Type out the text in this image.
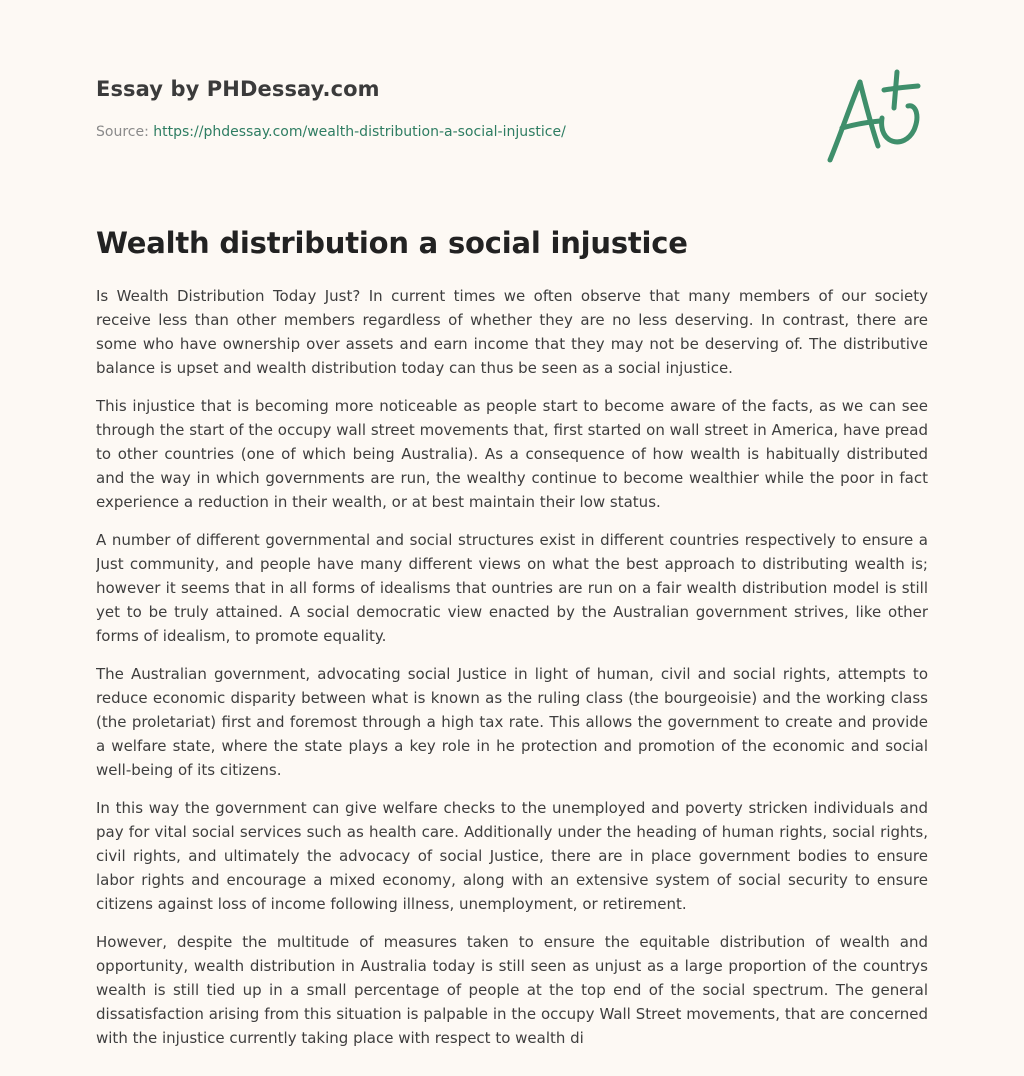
Essay by PHDessay.com

Source: https://phdessay.com/wealth-distribution-a-social-injustice/

Wealth distribution a social injustice

Is Wealth Distribution Today Just? In current times we often observe that many members of our society receive less than other members regardless of whether they are no less deserving. In contrast, there are some who have ownership over assets and earn income that they may not be deserving of. The distributive balance is upset and wealth distribution today can thus be seen as a social injustice.

This injustice that is becoming more noticeable as people start to become aware of the facts, as we can see through the start of the occupy wall street movements that, first started on wall street in America, have pread to other countries (one of which being Australia). As a consequence of how wealth is habitually distributed and the way in which governments are run, the wealthy continue to become wealthier while the poor in fact experience a reduction in their wealth, or at best maintain their low status.

A number of different governmental and social structures exist in different countries respectively to ensure a Just community, and people have many different views on what the best approach to distributing wealth is; however it seems that in all forms of idealisms that ountries are run on a fair wealth distribution model is still yet to be truly attained. A social democratic view enacted by the Australian government strives, like other forms of idealism, to promote equality.

The Australian government, advocating social Justice in light of human, civil and social rights, attempts to reduce economic disparity between what is known as the ruling class (the bourgeoisie) and the working class (the proletariat) first and foremost through a high tax rate. This allows the government to create and provide a welfare state, where the state plays a key role in he protection and promotion of the economic and social well-being of its citizens.

In this way the government can give welfare checks to the unemployed and poverty stricken individuals and pay for vital social services such as health care. Additionally under the heading of human rights, social rights, civil rights, and ultimately the advocacy of social Justice, there are in place government bodies to ensure labor rights and encourage a mixed economy, along with an extensive system of social security to ensure citizens against loss of income following illness, unemployment, or retirement.

However, despite the multitude of measures taken to ensure the equitable distribution of wealth and opportunity, wealth distribution in Australia today is still seen as unjust as a large proportion of the countrys wealth is still tied up in a small percentage of people at the top end of the social spectrum. The general dissatisfaction arising from this situation is palpable in the occupy Wall Street movements, that are concerned with the injustice currently taking place with respect to wealth di
